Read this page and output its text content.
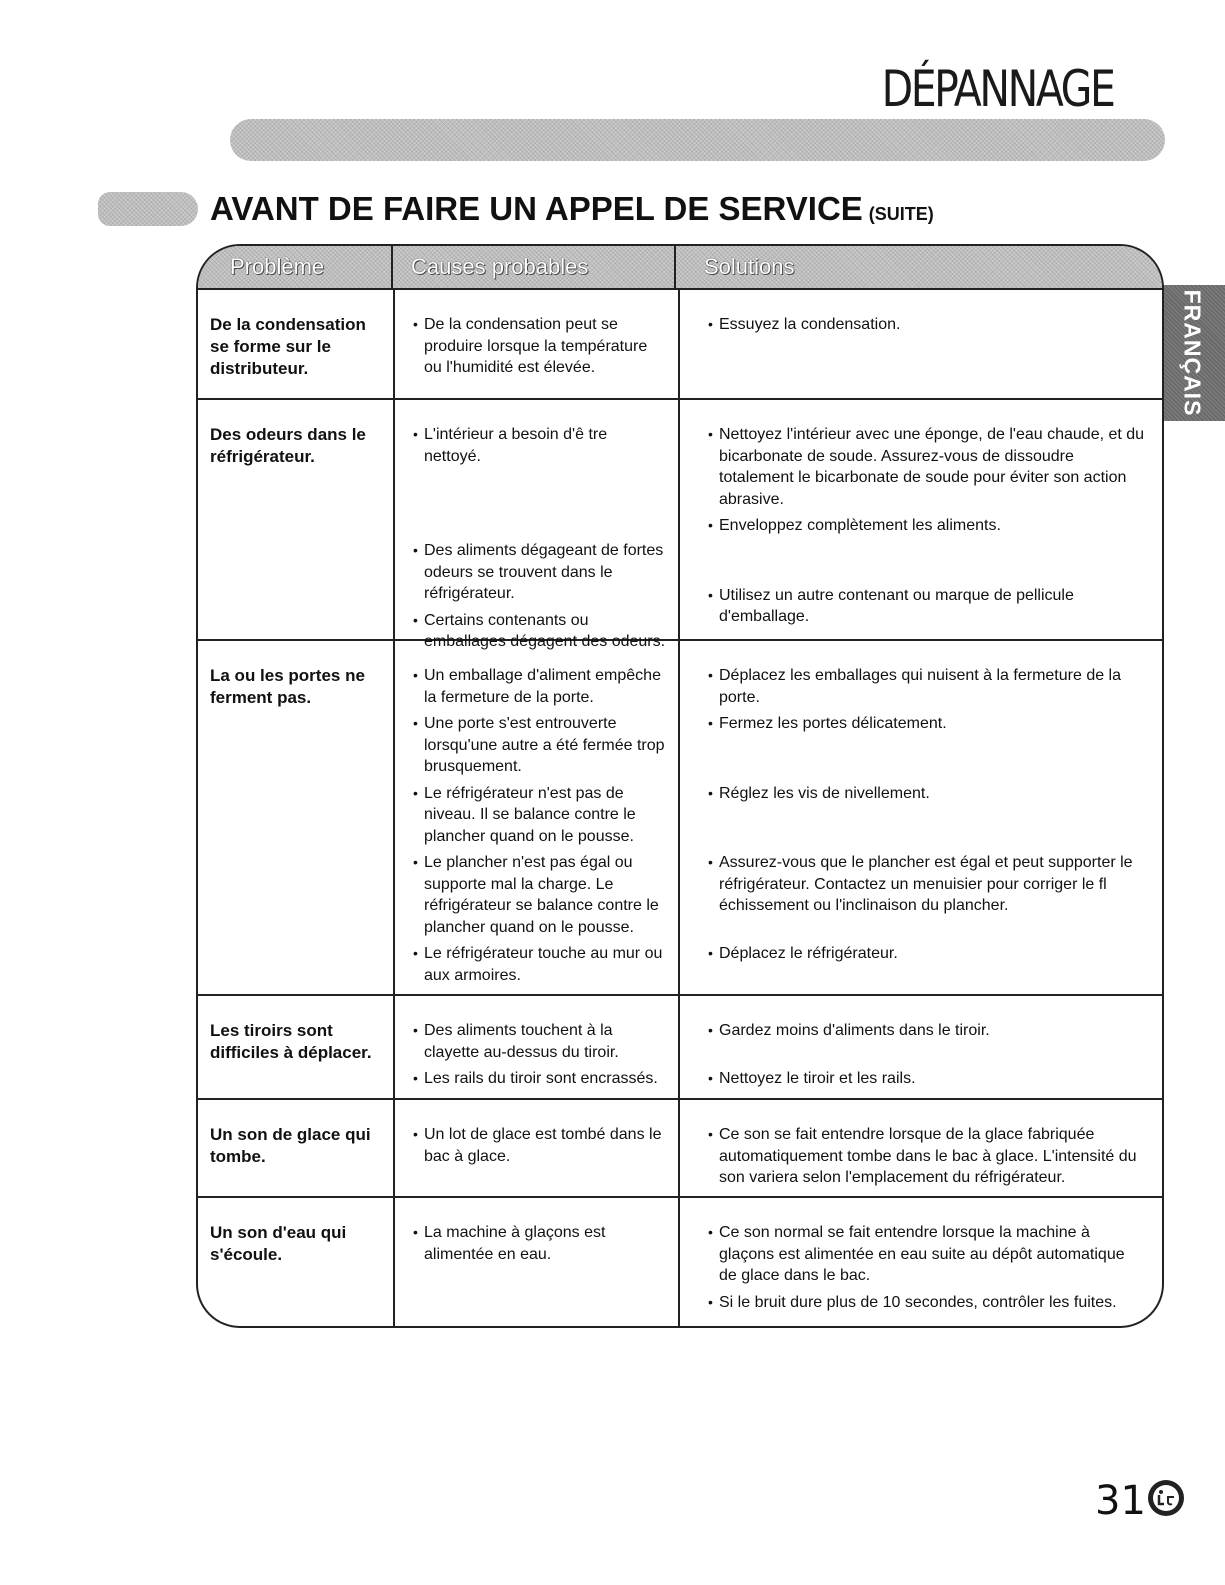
DÉPANNAGE
AVANT DE FAIRE UN APPEL DE SERVICE (SUITE)
FRANÇAIS
Problème	Causes probables	Solutions
De la condensation se forme sur le distributeur.
• De la condensation peut se produire lorsque la température ou l'humidité est élevée.
• Essuyez la condensation.
Des odeurs dans le réfrigérateur.
• L'intérieur a besoin d'ê tre nettoyé.
• Des aliments dégageant de fortes odeurs se trouvent dans le réfrigérateur.
• Certains contenants ou emballages dégagent des odeurs.
• Nettoyez l'intérieur avec une éponge, de l'eau chaude, et du bicarbonate de soude. Assurez-vous de dissoudre totalement le bicarbonate de soude pour éviter son action abrasive.
• Enveloppez complètement les aliments.
• Utilisez un autre contenant ou marque de pellicule d'emballage.
La ou les portes ne ferment pas.
• Un emballage d'aliment empêche la fermeture de la porte.
• Une porte s'est entrouverte lorsqu'une autre a été fermée trop brusquement.
• Le réfrigérateur n'est pas de niveau. Il se balance contre le plancher quand on le pousse.
• Le plancher n'est pas égal ou supporte mal la charge. Le réfrigérateur se balance contre le plancher quand on le pousse.
• Le réfrigérateur touche au mur ou aux armoires.
• Déplacez les emballages qui nuisent à la fermeture de la porte.
• Fermez les portes délicatement.
• Réglez les vis de nivellement.
• Assurez-vous que le plancher est égal et peut supporter le réfrigérateur. Contactez un menuisier pour corriger le fl échissement ou l'inclinaison du plancher.
• Déplacez le réfrigérateur.
Les tiroirs sont difficiles à déplacer.
• Des aliments touchent à la clayette au-dessus du tiroir.
• Les rails du tiroir sont encrassés.
• Gardez moins d'aliments dans le tiroir.
• Nettoyez le tiroir et les rails.
Un son de glace qui tombe.
• Un lot de glace est tombé dans le bac à glace.
• Ce son se fait entendre lorsque de la glace fabriquée automatiquement tombe dans le bac à glace. L'intensité du son variera selon l'emplacement du réfrigérateur.
Un son d'eau qui s'écoule.
• La machine à glaçons est alimentée en eau.
• Ce son normal se fait entendre lorsque la machine à glaçons est alimentée en eau suite au dépôt automatique de glace dans le bac.
• Si le bruit dure plus de 10 secondes, contrôler les fuites.
31
